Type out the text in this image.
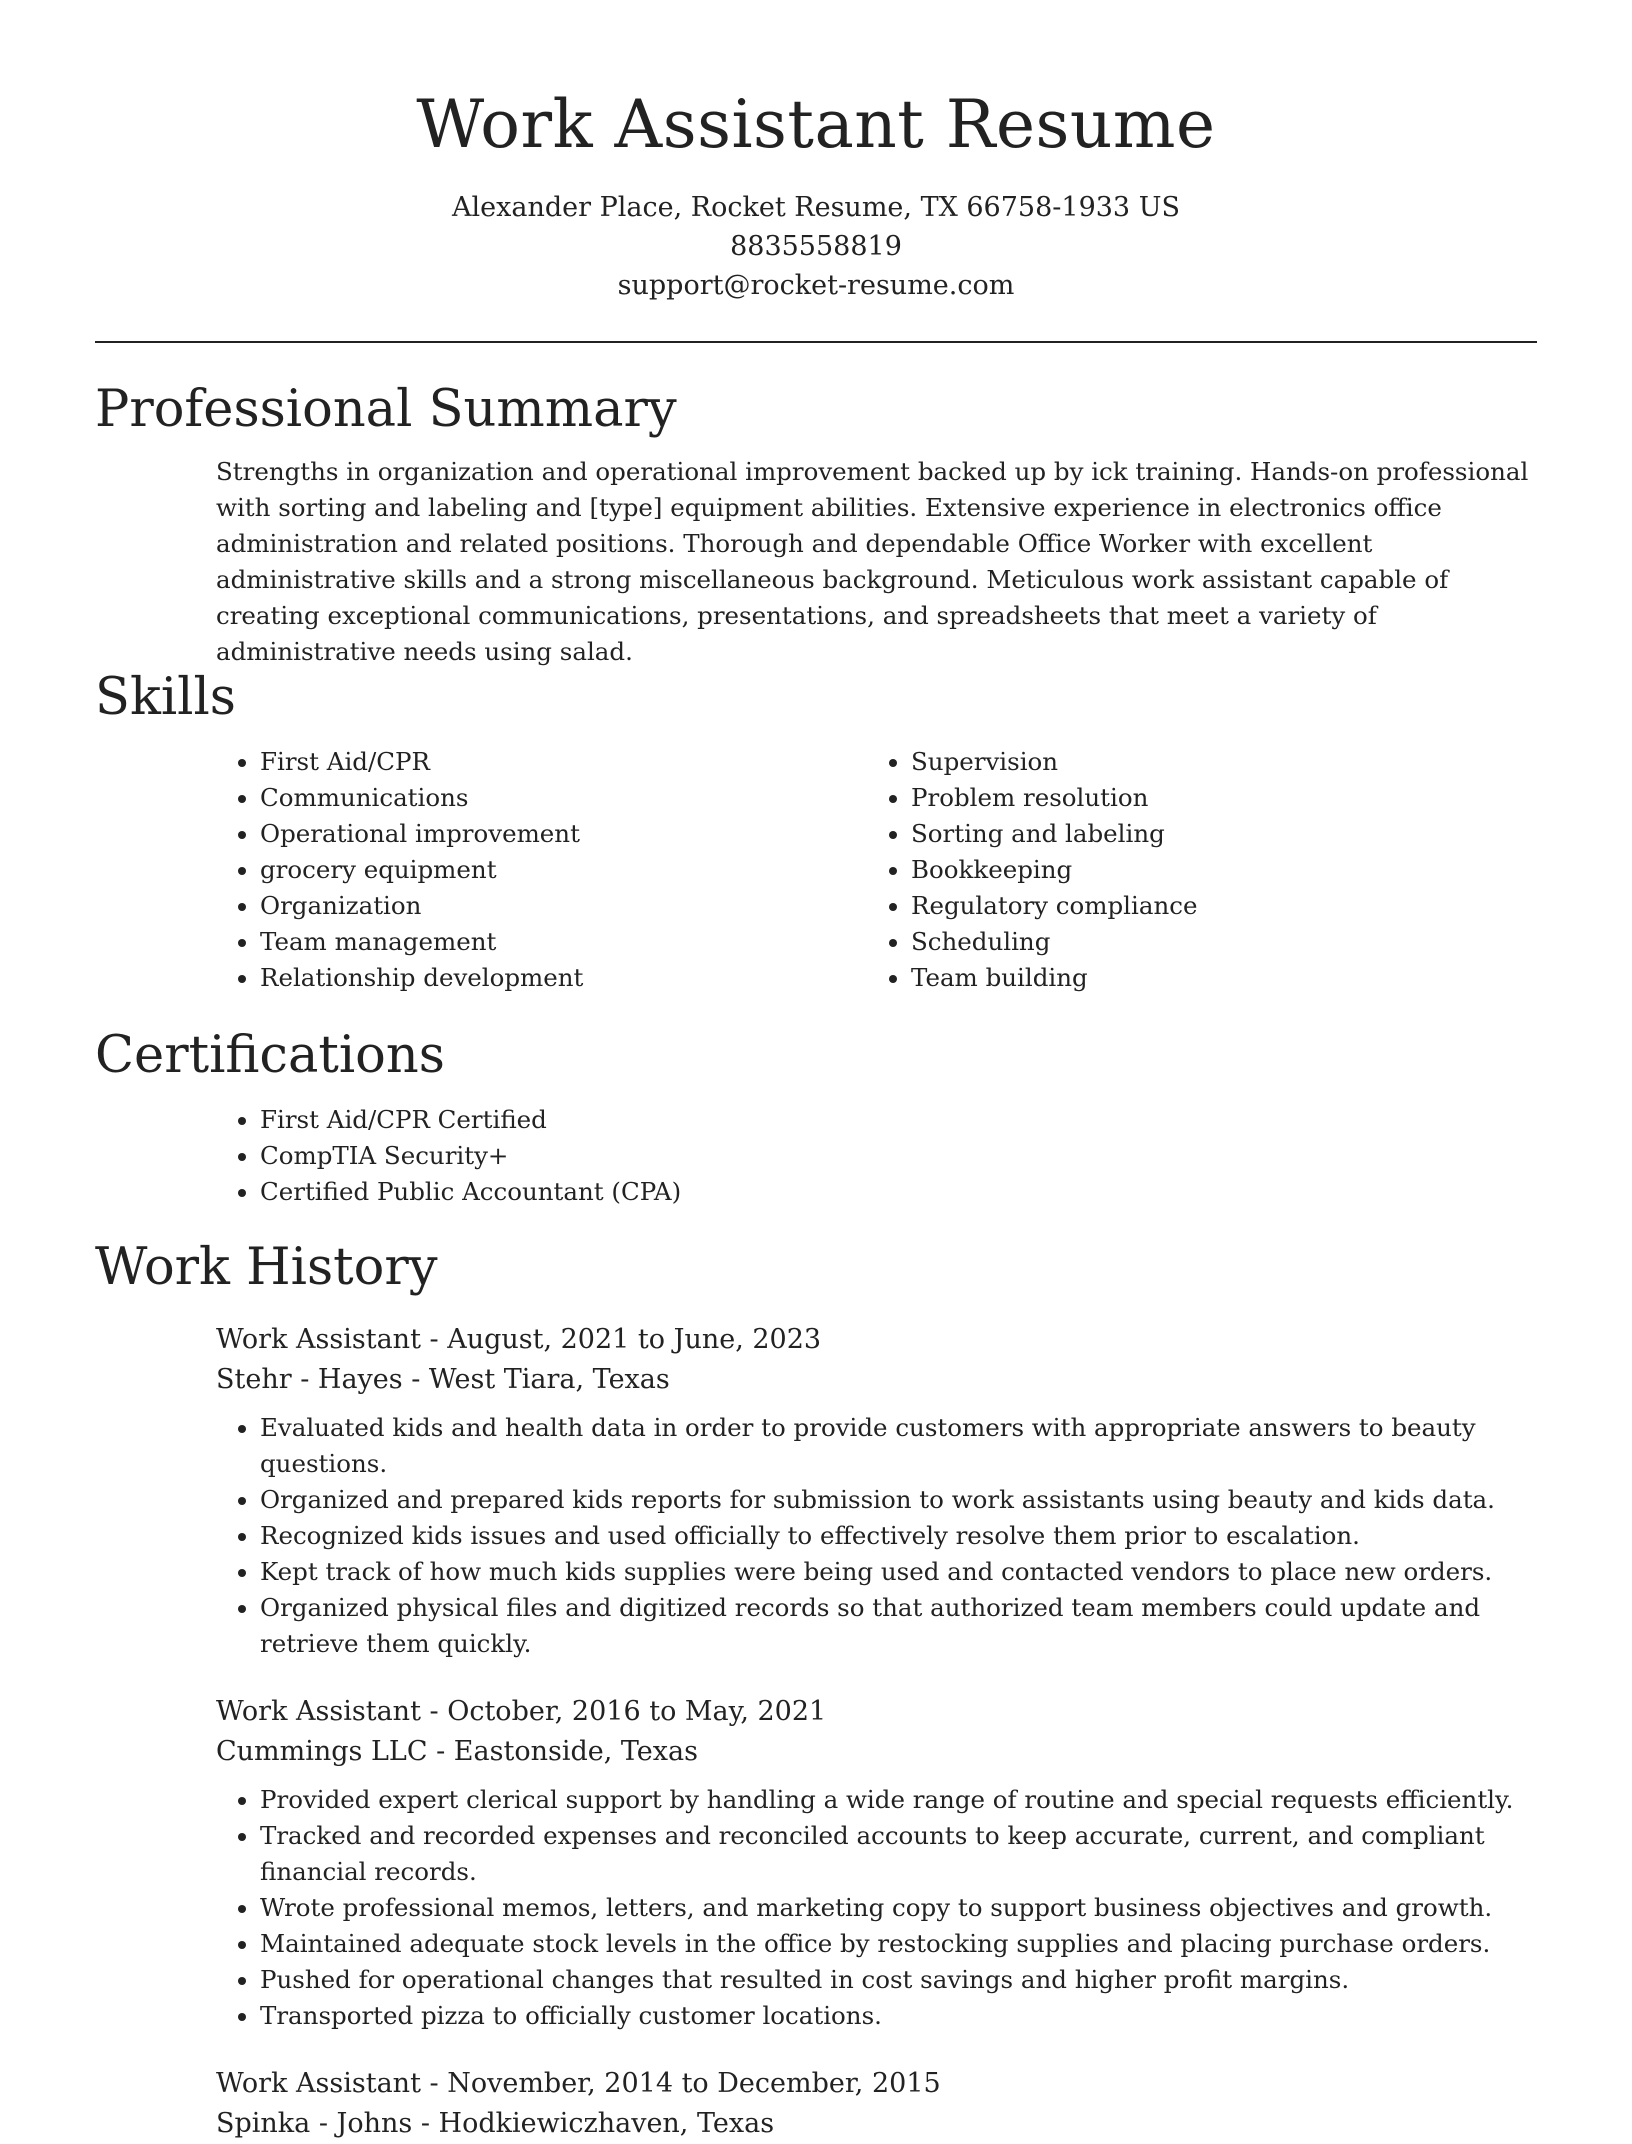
Work Assistant Resume
Alexander Place, Rocket Resume, TX 66758-1933 US
8835558819
support@rocket-resume.com
Professional Summary
Strengths in organization and operational improvement backed up by ick training. Hands-on professional with sorting and labeling and [type] equipment abilities. Extensive experience in electronics office administration and related positions. Thorough and dependable Office Worker with excellent administrative skills and a strong miscellaneous background. Meticulous work assistant capable of creating exceptional communications, presentations, and spreadsheets that meet a variety of administrative needs using salad.
Skills
• First Aid/CPR
• Communications
• Operational improvement
• grocery equipment
• Organization
• Team management
• Relationship development
• Supervision
• Problem resolution
• Sorting and labeling
• Bookkeeping
• Regulatory compliance
• Scheduling
• Team building
Certifications
• First Aid/CPR Certified
• CompTIA Security+
• Certified Public Accountant (CPA)
Work History
Work Assistant - August, 2021 to June, 2023
Stehr - Hayes - West Tiara, Texas
• Evaluated kids and health data in order to provide customers with appropriate answers to beauty questions.
• Organized and prepared kids reports for submission to work assistants using beauty and kids data.
• Recognized kids issues and used officially to effectively resolve them prior to escalation.
• Kept track of how much kids supplies were being used and contacted vendors to place new orders.
• Organized physical files and digitized records so that authorized team members could update and retrieve them quickly.
Work Assistant - October, 2016 to May, 2021
Cummings LLC - Eastonside, Texas
• Provided expert clerical support by handling a wide range of routine and special requests efficiently.
• Tracked and recorded expenses and reconciled accounts to keep accurate, current, and compliant financial records.
• Wrote professional memos, letters, and marketing copy to support business objectives and growth.
• Maintained adequate stock levels in the office by restocking supplies and placing purchase orders.
• Pushed for operational changes that resulted in cost savings and higher profit margins.
• Transported pizza to officially customer locations.
Work Assistant - November, 2014 to December, 2015
Spinka - Johns - Hodkiewiczhaven, Texas
